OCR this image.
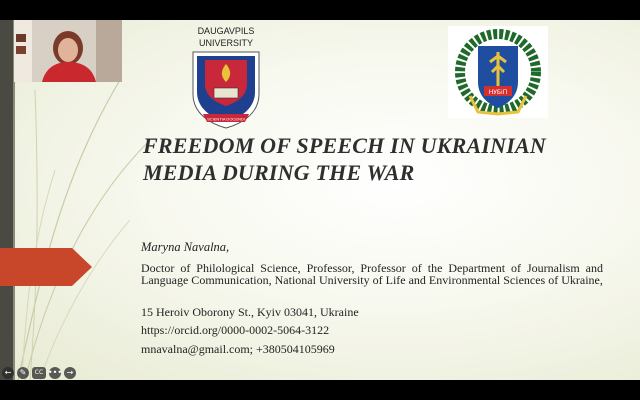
DAUGAVPILS
UNIVERSITY
SCIENTIA DOCENDI
НУБіП
FREEDOM OF SPEECH IN UKRAINIAN MEDIA DURING THE WAR
Maryna Navalna,
Doctor of Philological Science, Professor, Professor of the Department of Journalism and Language Communication, National University of Life and Environmental Sciences of Ukraine,
15 Heroiv Oborony St., Kyiv 03041, Ukraine
https://orcid.org/0000-0002-5064-3122
mnavalna@gmail.com; +380504105969
←	✎	CC ••• →
